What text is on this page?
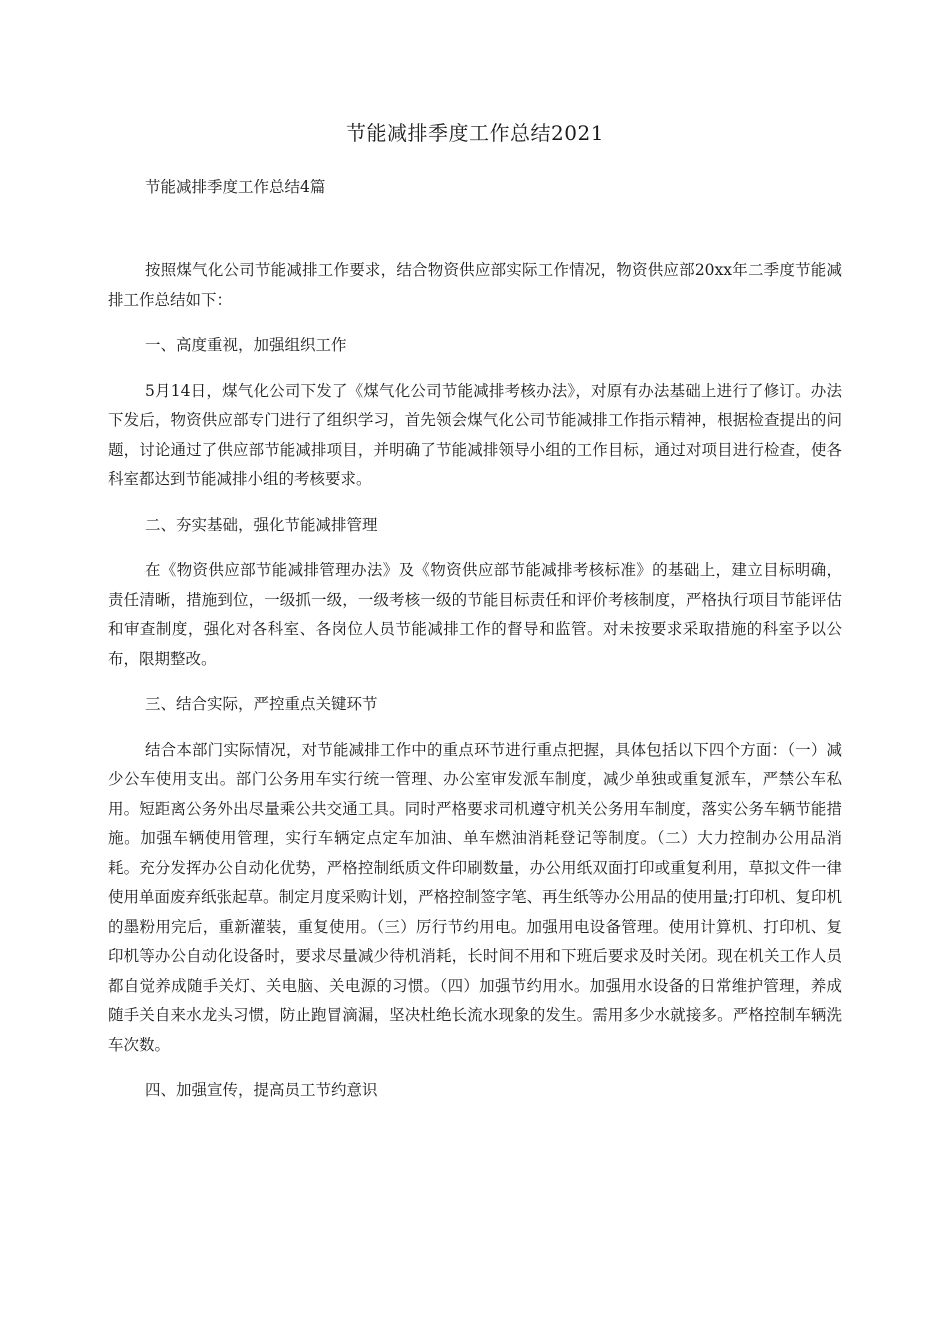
节能减排季度工作总结2021

节能减排季度工作总结4篇

按照煤气化公司节能减排工作要求，结合物资供应部实际工作情况，物资供应部20xx年二季度节能减排工作总结如下：

一、高度重视，加强组织工作

5月14日，煤气化公司下发了《煤气化公司节能减排考核办法》，对原有办法基础上进行了修订。办法下发后，物资供应部专门进行了组织学习，首先领会煤气化公司节能减排工作指示精神，根据检查提出的问题，讨论通过了供应部节能减排项目，并明确了节能减排领导小组的工作目标，通过对项目进行检查，使各科室都达到节能减排小组的考核要求。

二、夯实基础，强化节能减排管理

在《物资供应部节能减排管理办法》及《物资供应部节能减排考核标准》的基础上，建立目标明确，责任清晰，措施到位，一级抓一级，一级考核一级的节能目标责任和评价考核制度，严格执行项目节能评估和审查制度，强化对各科室、各岗位人员节能减排工作的督导和监管。对未按要求采取措施的科室予以公布，限期整改。

三、结合实际，严控重点关键环节

结合本部门实际情况，对节能减排工作中的重点环节进行重点把握，具体包括以下四个方面：（一）减少公车使用支出。部门公务用车实行统一管理、办公室审发派车制度，减少单独或重复派车，严禁公车私用。短距离公务外出尽量乘公共交通工具。同时严格要求司机遵守机关公务用车制度，落实公务车辆节能措施。加强车辆使用管理，实行车辆定点定车加油、单车燃油消耗登记等制度。（二）大力控制办公用品消耗。充分发挥办公自动化优势，严格控制纸质文件印刷数量，办公用纸双面打印或重复利用，草拟文件一律使用单面废弃纸张起草。制定月度采购计划，严格控制签字笔、再生纸等办公用品的使用量;打印机、复印机的墨粉用完后，重新灌装，重复使用。（三）厉行节约用电。加强用电设备管理。使用计算机、打印机、复印机等办公自动化设备时，要求尽量减少待机消耗，长时间不用和下班后要求及时关闭。现在机关工作人员都自觉养成随手关灯、关电脑、关电源的习惯。（四）加强节约用水。加强用水设备的日常维护管理，养成随手关自来水龙头习惯，防止跑冒滴漏，坚决杜绝长流水现象的发生。需用多少水就接多。严格控制车辆洗车次数。

四、加强宣传，提高员工节约意识
